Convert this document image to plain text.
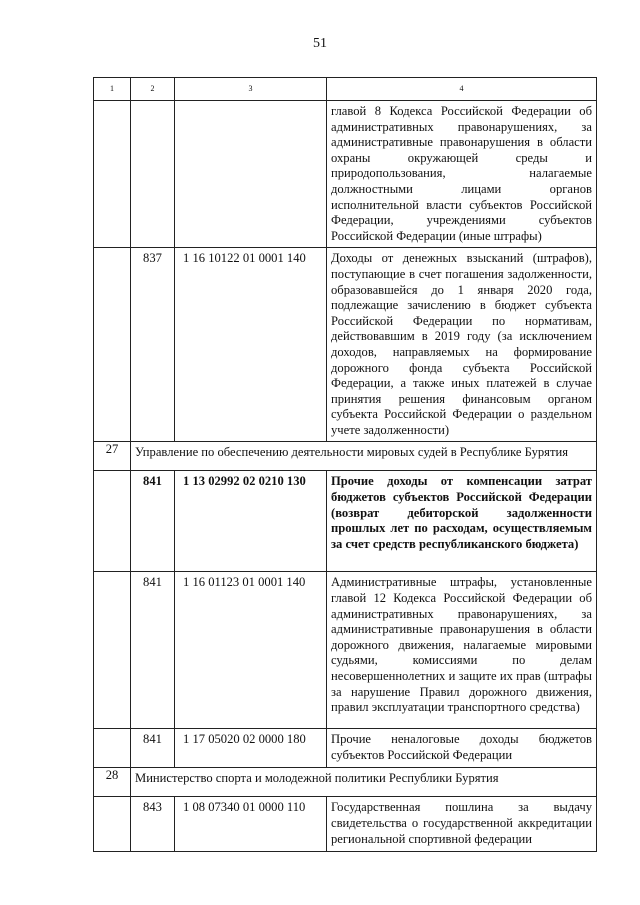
51
1	2	3	4
			главой 8 Кодекса Российской Федерации об административных правонарушениях, за административные правонарушения в области охраны окружающей среды и природопользования, налагаемые должностными лицами органов исполнительной власти субъектов Российской Федерации, учреждениями субъектов Российской Федерации (иные штрафы)
	837	1 16 10122 01 0001 140	Доходы от денежных взысканий (штрафов), поступающие в счет погашения задолженности, образовавшейся до 1 января 2020 года, подлежащие зачислению в бюджет субъекта Российской Федерации по нормативам, действовавшим в 2019 году (за исключением доходов, направляемых на формирование дорожного фонда субъекта Российской Федерации, а также иных платежей в случае принятия решения финансовым органом субъекта Российской Федерации о раздельном учете задолженности)
27	Управление по обеспечению деятельности мировых судей в Республике Бурятия		
	841	1 13 02992 02 0210 130	Прочие доходы от компенсации затрат бюджетов субъектов Российской Федерации (возврат дебиторской задолженности прошлых лет по расходам, осуществляемым за счет средств республиканского бюджета)
	841	1 16 01123 01 0001 140	Административные штрафы, установленные главой 12 Кодекса Российской Федерации об административных правонарушениях, за административные правонарушения в области дорожного движения, налагаемые мировыми судьями, комиссиями по делам несовершеннолетних и защите их прав (штрафы за нарушение Правил дорожного движения, правил эксплуатации транспортного средства)
	841	1 17 05020 02 0000 180	Прочие неналоговые доходы бюджетов субъектов Российской Федерации
28	Министерство спорта и молодежной политики Республики Бурятия		
	843	1 08 07340 01 0000 110	Государственная пошлина за выдачу свидетельства о государственной аккредитации региональной спортивной федерации
